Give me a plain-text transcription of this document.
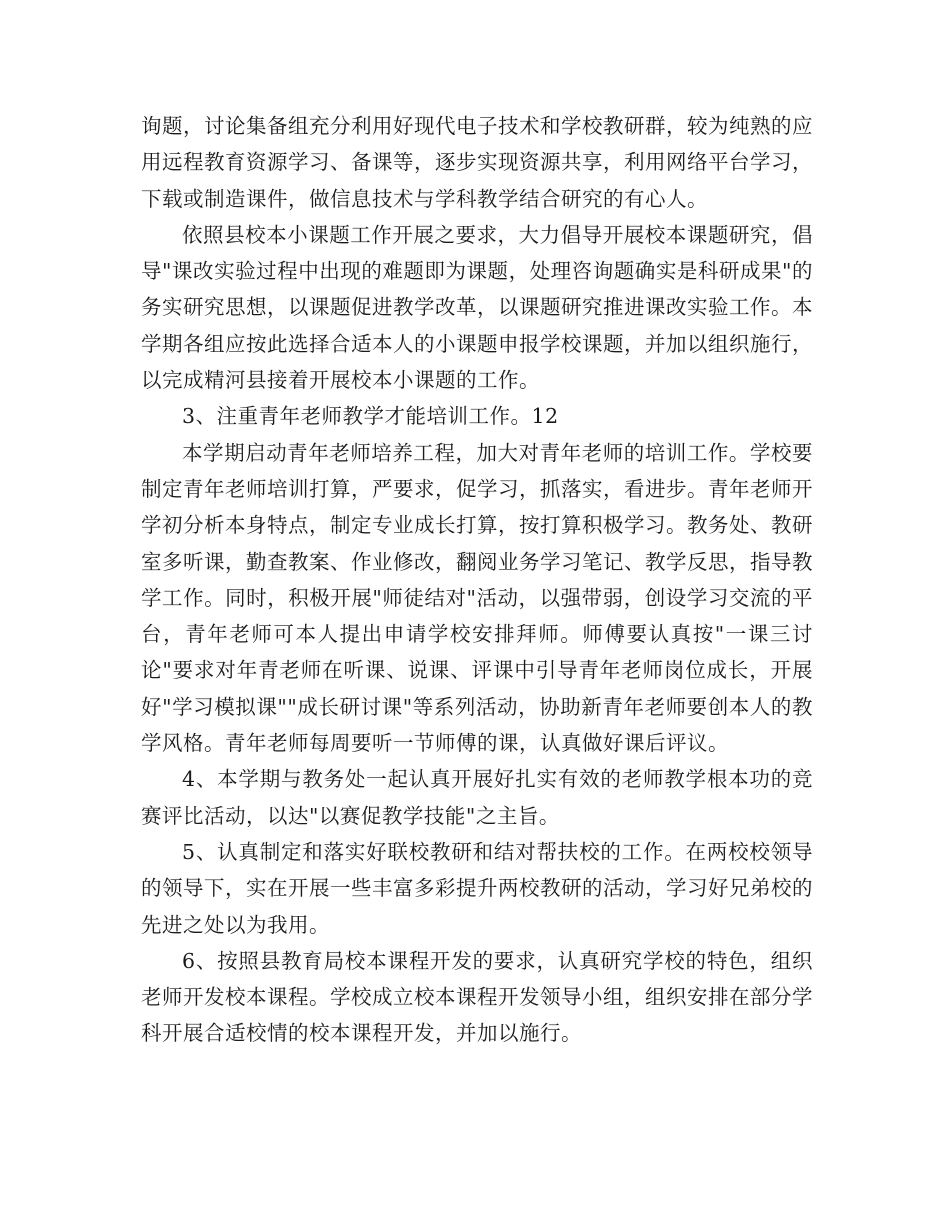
询题，讨论集备组充分利用好现代电子技术和学校教研群，较为纯熟的应用远程教育资源学习、备课等，逐步实现资源共享，利用网络平台学习，下载或制造课件，做信息技术与学科教学结合研究的有心人。

依照县校本小课题工作开展之要求，大力倡导开展校本课题研究，倡导"课改实验过程中出现的难题即为课题，处理咨询题确实是科研成果"的务实研究思想，以课题促进教学改革，以课题研究推进课改实验工作。本学期各组应按此选择合适本人的小课题申报学校课题，并加以组织施行，以完成精河县接着开展校本小课题的工作。

3、注重青年老师教学才能培训工作。12

本学期启动青年老师培养工程，加大对青年老师的培训工作。学校要制定青年老师培训打算，严要求，促学习，抓落实，看进步。青年老师开学初分析本身特点，制定专业成长打算，按打算积极学习。教务处、教研室多听课，勤查教案、作业修改，翻阅业务学习笔记、教学反思，指导教学工作。同时，积极开展"师徒结对"活动，以强带弱，创设学习交流的平台，青年老师可本人提出申请学校安排拜师。师傅要认真按"一课三讨论"要求对年青老师在听课、说课、评课中引导青年老师岗位成长，开展好"学习模拟课""成长研讨课"等系列活动，协助新青年老师要创本人的教学风格。青年老师每周要听一节师傅的课，认真做好课后评议。

4、本学期与教务处一起认真开展好扎实有效的老师教学根本功的竞赛评比活动，以达"以赛促教学技能"之主旨。

5、认真制定和落实好联校教研和结对帮扶校的工作。在两校校领导的领导下，实在开展一些丰富多彩提升两校教研的活动，学习好兄弟校的先进之处以为我用。

6、按照县教育局校本课程开发的要求，认真研究学校的特色，组织老师开发校本课程。学校成立校本课程开发领导小组，组织安排在部分学科开展合适校情的校本课程开发，并加以施行。
